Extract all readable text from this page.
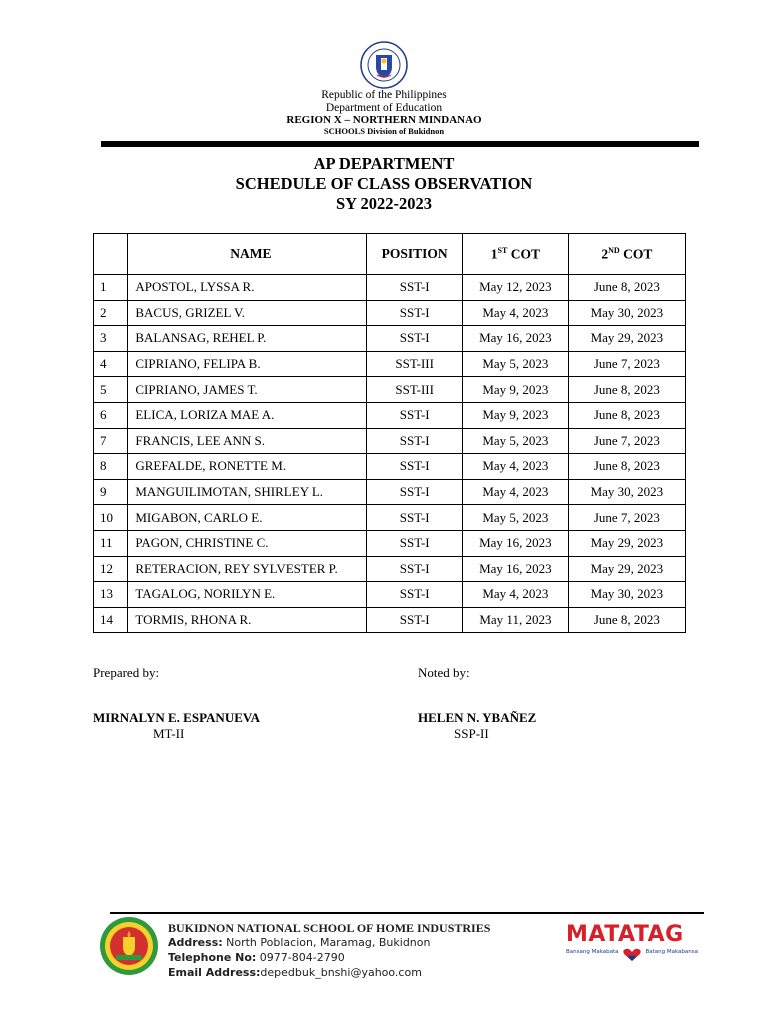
Republic of the Philippines
Department of Education
REGION X – NORTHERN MINDANAO
SCHOOLS Division of Bukidnon
AP DEPARTMENT
SCHEDULE OF CLASS OBSERVATION
SY 2022-2023
	NAME	POSITION	1ST COT	2ND COT
1	APOSTOL, LYSSA R.	SST-I	May 12, 2023	June 8, 2023
2	BACUS, GRIZEL V.	SST-I	May 4, 2023	May 30, 2023
3	BALANSAG, REHEL P.	SST-I	May 16, 2023	May 29, 2023
4	CIPRIANO, FELIPA B.	SST-III	May 5, 2023	June 7, 2023
5	CIPRIANO, JAMES T.	SST-III	May 9, 2023	June 8, 2023
6	ELICA, LORIZA MAE A.	SST-I	May 9, 2023	June 8, 2023
7	FRANCIS, LEE ANN S.	SST-I	May 5, 2023	June 7, 2023
8	GREFALDE, RONETTE M.	SST-I	May 4, 2023	June 8, 2023
9	MANGUILIMOTAN, SHIRLEY L.	SST-I	May 4, 2023	May 30, 2023
10	MIGABON, CARLO E.	SST-I	May 5, 2023	June 7, 2023
11	PAGON, CHRISTINE C.	SST-I	May 16, 2023	May 29, 2023
12	RETERACION, REY SYLVESTER P.	SST-I	May 16, 2023	May 29, 2023
13	TAGALOG, NORILYN E.	SST-I	May 4, 2023	May 30, 2023
14	TORMIS, RHONA R.	SST-I	May 11, 2023	June 8, 2023
Prepared by:
MIRNALYN E. ESPANUEVA
MT-II
Noted by:
HELEN N. YBAÑEZ
SSP-II
BUKIDNON NATIONAL SCHOOL OF HOME INDUSTRIES
Address: North Poblacion, Maramag, Bukidnon
Telephone No: 0977-804-2790
Email Address:depedbuk_bnshi@yahoo.com
MATATAG
Bansang Makabata	Batang Makabansa
